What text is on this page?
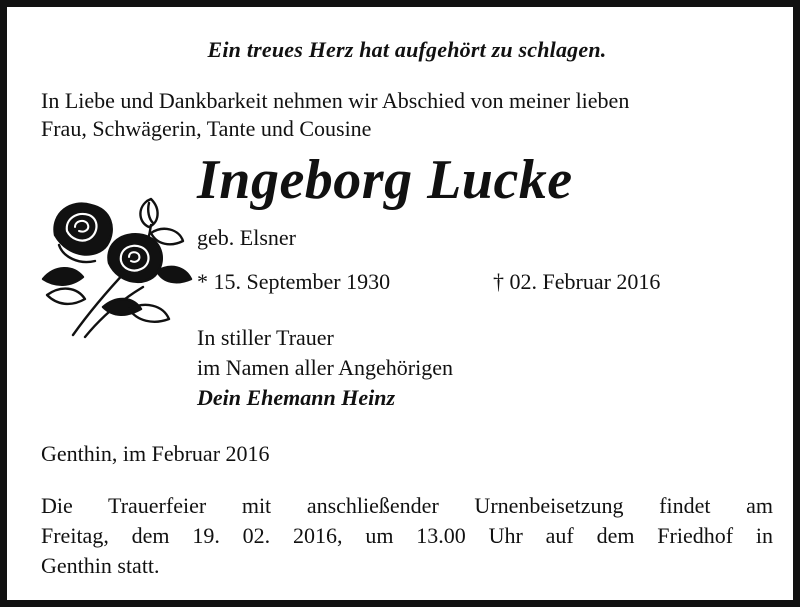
Ein treues Herz hat aufgehört zu schlagen.
In Liebe und Dankbarkeit nehmen wir Abschied von meiner lieben
Frau, Schwägerin, Tante und Cousine
Ingeborg Lucke
geb. Elsner
* 15. September 1930	† 02. Februar 2016
In stiller Trauer
im Namen aller Angehörigen
Dein Ehemann Heinz
Genthin, im Februar 2016
Die Trauerfeier mit anschließender Urnenbeisetzung findet am
Freitag, dem 19. 02. 2016, um 13.00 Uhr auf dem Friedhof in
Genthin statt.
